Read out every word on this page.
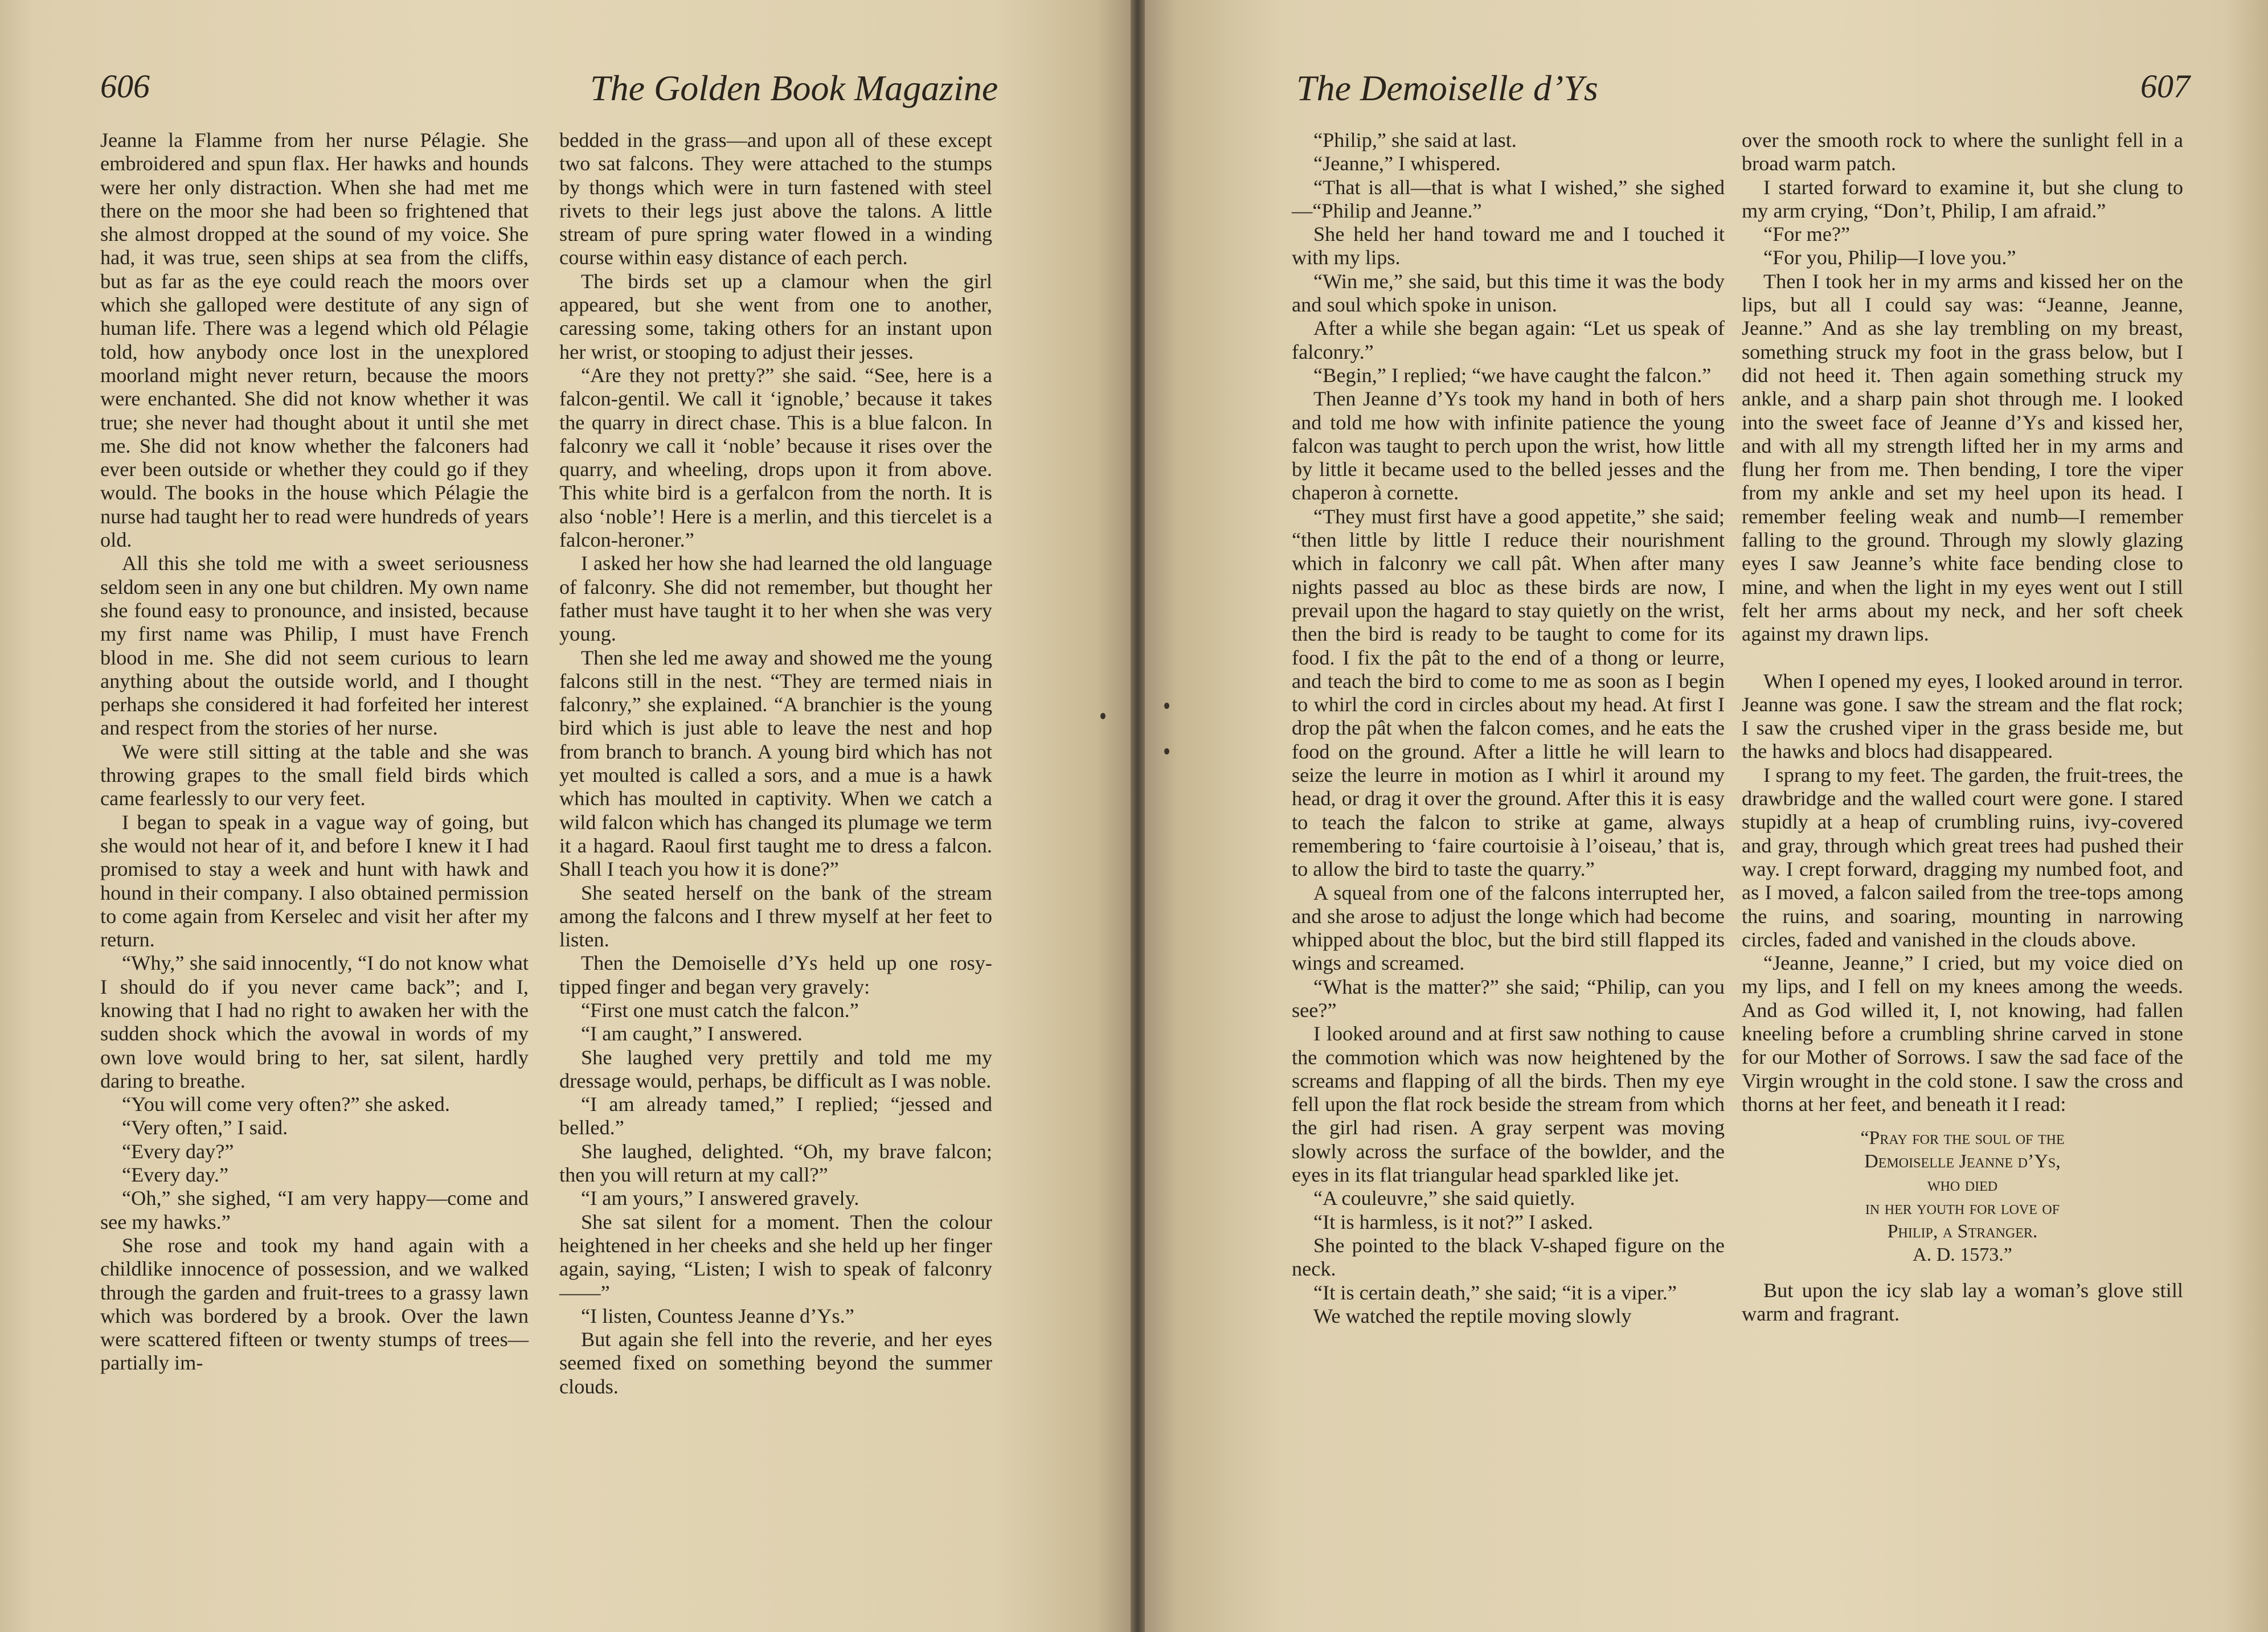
606	The Golden Book Magazine

Jeanne la Flamme from her nurse Pélagie. She embroidered and spun flax. Her hawks and hounds were her only distraction. When she had met me there on the moor she had been so frightened that she almost dropped at the sound of my voice. She had, it was true, seen ships at sea from the cliffs, but as far as the eye could reach the moors over which she galloped were destitute of any sign of human life. There was a legend which old Pélagie told, how anybody once lost in the unexplored moorland might never return, because the moors were enchanted. She did not know whether it was true; she never had thought about it until she met me. She did not know whether the falconers had ever been outside or whether they could go if they would. The books in the house which Pélagie the nurse had taught her to read were hundreds of years old.

All this she told me with a sweet seriousness seldom seen in any one but children. My own name she found easy to pronounce, and insisted, because my first name was Philip, I must have French blood in me. She did not seem curious to learn anything about the outside world, and I thought perhaps she considered it had forfeited her interest and respect from the stories of her nurse.

We were still sitting at the table and she was throwing grapes to the small field birds which came fearlessly to our very feet.

I began to speak in a vague way of going, but she would not hear of it, and before I knew it I had promised to stay a week and hunt with hawk and hound in their company. I also obtained permission to come again from Kerselec and visit her after my return.

“Why,” she said innocently, “I do not know what I should do if you never came back”; and I, knowing that I had no right to awaken her with the sudden shock which the avowal in words of my own love would bring to her, sat silent, hardly daring to breathe.

“You will come very often?” she asked.

“Very often,” I said.

“Every day?”

“Every day.”

“Oh,” she sighed, “I am very happy—come and see my hawks.”

She rose and took my hand again with a childlike innocence of possession, and we walked through the garden and fruit-trees to a grassy lawn which was bordered by a brook. Over the lawn were scattered fifteen or twenty stumps of trees—partially im-

bedded in the grass—and upon all of these except two sat falcons. They were attached to the stumps by thongs which were in turn fastened with steel rivets to their legs just above the talons. A little stream of pure spring water flowed in a winding course within easy distance of each perch.

The birds set up a clamour when the girl appeared, but she went from one to another, caressing some, taking others for an instant upon her wrist, or stooping to adjust their jesses.

“Are they not pretty?” she said. “See, here is a falcon-gentil. We call it ‘ignoble,’ because it takes the quarry in direct chase. This is a blue falcon. In falconry we call it ‘noble’ because it rises over the quarry, and wheeling, drops upon it from above. This white bird is a gerfalcon from the north. It is also ‘noble’! Here is a merlin, and this tiercelet is a falcon-heroner.”

I asked her how she had learned the old language of falconry. She did not remember, but thought her father must have taught it to her when she was very young.

Then she led me away and showed me the young falcons still in the nest. “They are termed niais in falconry,” she explained. “A branchier is the young bird which is just able to leave the nest and hop from branch to branch. A young bird which has not yet moulted is called a sors, and a mue is a hawk which has moulted in captivity. When we catch a wild falcon which has changed its plumage we term it a hagard. Raoul first taught me to dress a falcon. Shall I teach you how it is done?”

She seated herself on the bank of the stream among the falcons and I threw myself at her feet to listen.

Then the Demoiselle d’Ys held up one rosy-tipped finger and began very gravely:

“First one must catch the falcon.”

“I am caught,” I answered.

She laughed very prettily and told me my dressage would, perhaps, be difficult as I was noble.

“I am already tamed,” I replied; “jessed and belled.”

She laughed, delighted. “Oh, my brave falcon; then you will return at my call?”

“I am yours,” I answered gravely.

She sat silent for a moment. Then the colour heightened in her cheeks and she held up her finger again, saying, “Listen; I wish to speak of falconry——”

“I listen, Countess Jeanne d’Ys.”

But again she fell into the reverie, and her eyes seemed fixed on something beyond the summer clouds.

The Demoiselle d’Ys	607

“Philip,” she said at last.

“Jeanne,” I whispered.

“That is all—that is what I wished,” she sighed—“Philip and Jeanne.”

She held her hand toward me and I touched it with my lips.

“Win me,” she said, but this time it was the body and soul which spoke in unison.

After a while she began again: “Let us speak of falconry.”

“Begin,” I replied; “we have caught the falcon.”

Then Jeanne d’Ys took my hand in both of hers and told me how with infinite patience the young falcon was taught to perch upon the wrist, how little by little it became used to the belled jesses and the chaperon à cornette.

“They must first have a good appetite,” she said; “then little by little I reduce their nourishment which in falconry we call pât. When after many nights passed au bloc as these birds are now, I prevail upon the hagard to stay quietly on the wrist, then the bird is ready to be taught to come for its food. I fix the pât to the end of a thong or leurre, and teach the bird to come to me as soon as I begin to whirl the cord in circles about my head. At first I drop the pât when the falcon comes, and he eats the food on the ground. After a little he will learn to seize the leurre in motion as I whirl it around my head, or drag it over the ground. After this it is easy to teach the falcon to strike at game, always remembering to ‘faire courtoisie à l’oiseau,’ that is, to allow the bird to taste the quarry.”

A squeal from one of the falcons interrupted her, and she arose to adjust the longe which had become whipped about the bloc, but the bird still flapped its wings and screamed.

“What is the matter?” she said; “Philip, can you see?”

I looked around and at first saw nothing to cause the commotion which was now heightened by the screams and flapping of all the birds. Then my eye fell upon the flat rock beside the stream from which the girl had risen. A gray serpent was moving slowly across the surface of the bowlder, and the eyes in its flat triangular head sparkled like jet.

“A couleuvre,” she said quietly.

“It is harmless, is it not?” I asked.

She pointed to the black V-shaped figure on the neck.

“It is certain death,” she said; “it is a viper.”

We watched the reptile moving slowly

over the smooth rock to where the sunlight fell in a broad warm patch.

I started forward to examine it, but she clung to my arm crying, “Don’t, Philip, I am afraid.”

“For me?”

“For you, Philip—I love you.”

Then I took her in my arms and kissed her on the lips, but all I could say was: “Jeanne, Jeanne, Jeanne.” And as she lay trembling on my breast, something struck my foot in the grass below, but I did not heed it. Then again something struck my ankle, and a sharp pain shot through me. I looked into the sweet face of Jeanne d’Ys and kissed her, and with all my strength lifted her in my arms and flung her from me. Then bending, I tore the viper from my ankle and set my heel upon its head. I remember feeling weak and numb—I remember falling to the ground. Through my slowly glazing eyes I saw Jeanne’s white face bending close to mine, and when the light in my eyes went out I still felt her arms about my neck, and her soft cheek against my drawn lips.

When I opened my eyes, I looked around in terror. Jeanne was gone. I saw the stream and the flat rock; I saw the crushed viper in the grass beside me, but the hawks and blocs had disappeared.

I sprang to my feet. The garden, the fruit-trees, the drawbridge and the walled court were gone. I stared stupidly at a heap of crumbling ruins, ivy-covered and gray, through which great trees had pushed their way. I crept forward, dragging my numbed foot, and as I moved, a falcon sailed from the tree-tops among the ruins, and soaring, mounting in narrowing circles, faded and vanished in the clouds above.

“Jeanne, Jeanne,” I cried, but my voice died on my lips, and I fell on my knees among the weeds. And as God willed it, I, not knowing, had fallen kneeling before a crumbling shrine carved in stone for our Mother of Sorrows. I saw the sad face of the Virgin wrought in the cold stone. I saw the cross and thorns at her feet, and beneath it I read:

“Pray for the soul of the
Demoiselle Jeanne d’Ys,
who died
in her youth for love of
Philip, a Stranger.
A. D. 1573.”

But upon the icy slab lay a woman’s glove still warm and fragrant.
